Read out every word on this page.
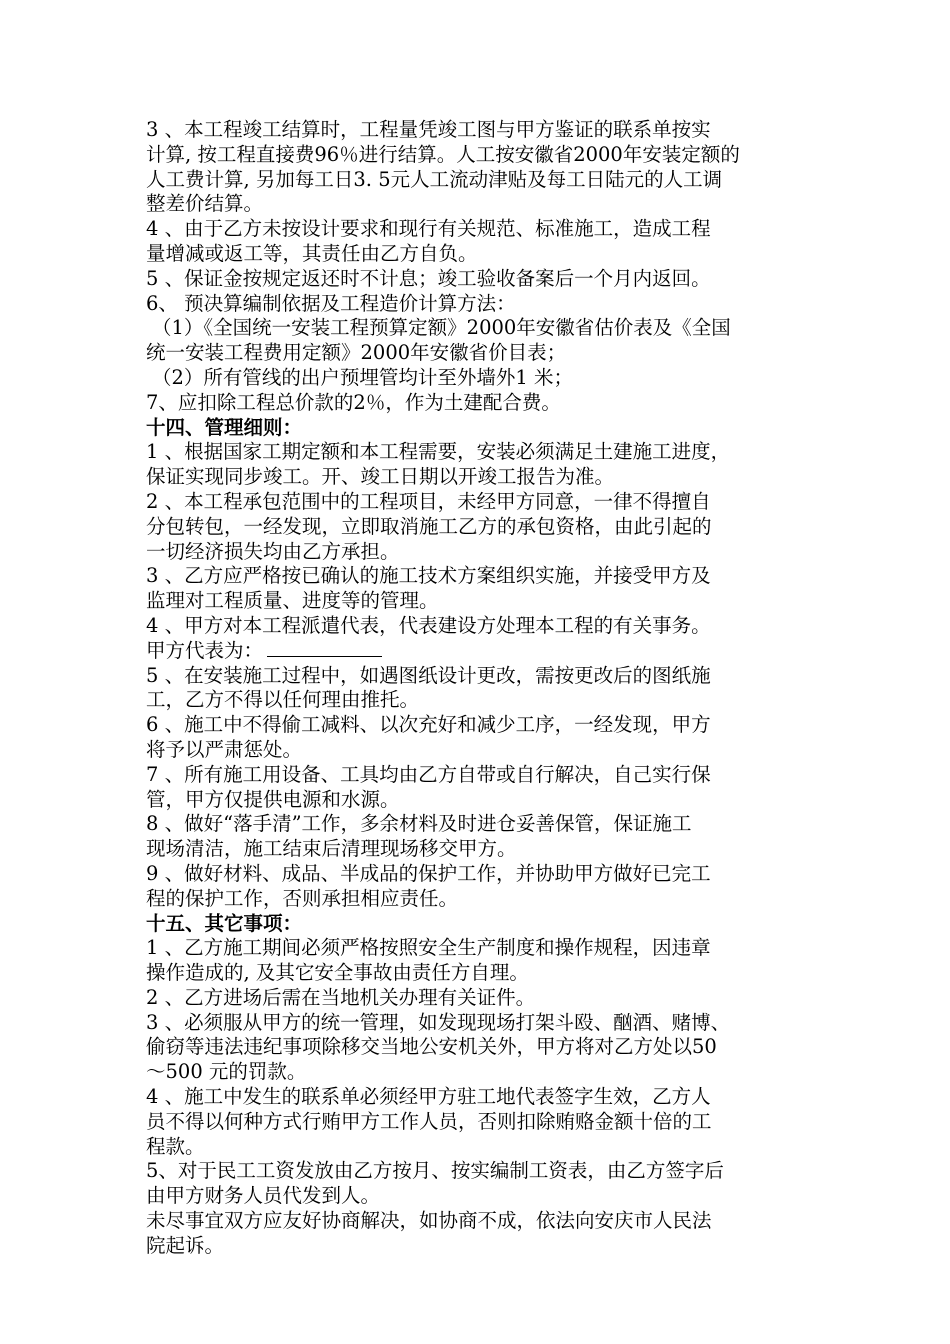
3 、本工程竣工结算时，工程量凭竣工图与甲方鉴证的联系单按实
计算, 按工程直接费96％进行结算。人工按安徽省2000年安装定额的
人工费计算, 另加每工日3. 5元人工流动津贴及每工日陆元的人工调
整差价结算。
4 、由于乙方未按设计要求和现行有关规范、标准施工，造成工程
量增减或返工等，其责任由乙方自负。
5 、保证金按规定返还时不计息；竣工验收备案后一个月内返回。
6、 预决算编制依据及工程造价计算方法：
（1）《全国统一安装工程预算定额》2000年安徽省估价表及《全国
统一安装工程费用定额》2000年安徽省价目表；
（2）所有管线的出户预埋管均计至外墙外1 米；
7、应扣除工程总价款的2％，作为土建配合费。
十四、管理细则：
1 、根据国家工期定额和本工程需要，安装必须满足土建施工进度，
保证实现同步竣工。开、竣工日期以开竣工报告为准。
2 、本工程承包范围中的工程项目，未经甲方同意，一律不得擅自
分包转包，一经发现，立即取消施工乙方的承包资格，由此引起的
一切经济损失均由乙方承担。
3 、乙方应严格按已确认的施工技术方案组织实施，并接受甲方及
监理对工程质量、进度等的管理。
4 、甲方对本工程派遣代表，代表建设方处理本工程的有关事务。
甲方代表为：
5 、在安装施工过程中，如遇图纸设计更改，需按更改后的图纸施
工，乙方不得以任何理由推托。
6 、施工中不得偷工减料、以次充好和减少工序，一经发现，甲方
将予以严肃惩处。
7 、所有施工用设备、工具均由乙方自带或自行解决，自己实行保
管，甲方仅提供电源和水源。
8 、做好“落手清”工作，多余材料及时进仓妥善保管，保证施工
现场清洁，施工结束后清理现场移交甲方。
9 、做好材料、成品、半成品的保护工作，并协助甲方做好已完工
程的保护工作，否则承担相应责任。
十五、其它事项：
1 、乙方施工期间必须严格按照安全生产制度和操作规程，因违章
操作造成的, 及其它安全事故由责任方自理。
2 、乙方进场后需在当地机关办理有关证件。
3 、必须服从甲方的统一管理，如发现现场打架斗殴、酗酒、赌博、
偷窃等违法违纪事项除移交当地公安机关外，甲方将对乙方处以50
～500 元的罚款。
4 、施工中发生的联系单必须经甲方驻工地代表签字生效，乙方人
员不得以何种方式行贿甲方工作人员，否则扣除贿赂金额十倍的工
程款。
5、对于民工工资发放由乙方按月、按实编制工资表，由乙方签字后
由甲方财务人员代发到人。
未尽事宜双方应友好协商解决，如协商不成，依法向安庆市人民法
院起诉。
